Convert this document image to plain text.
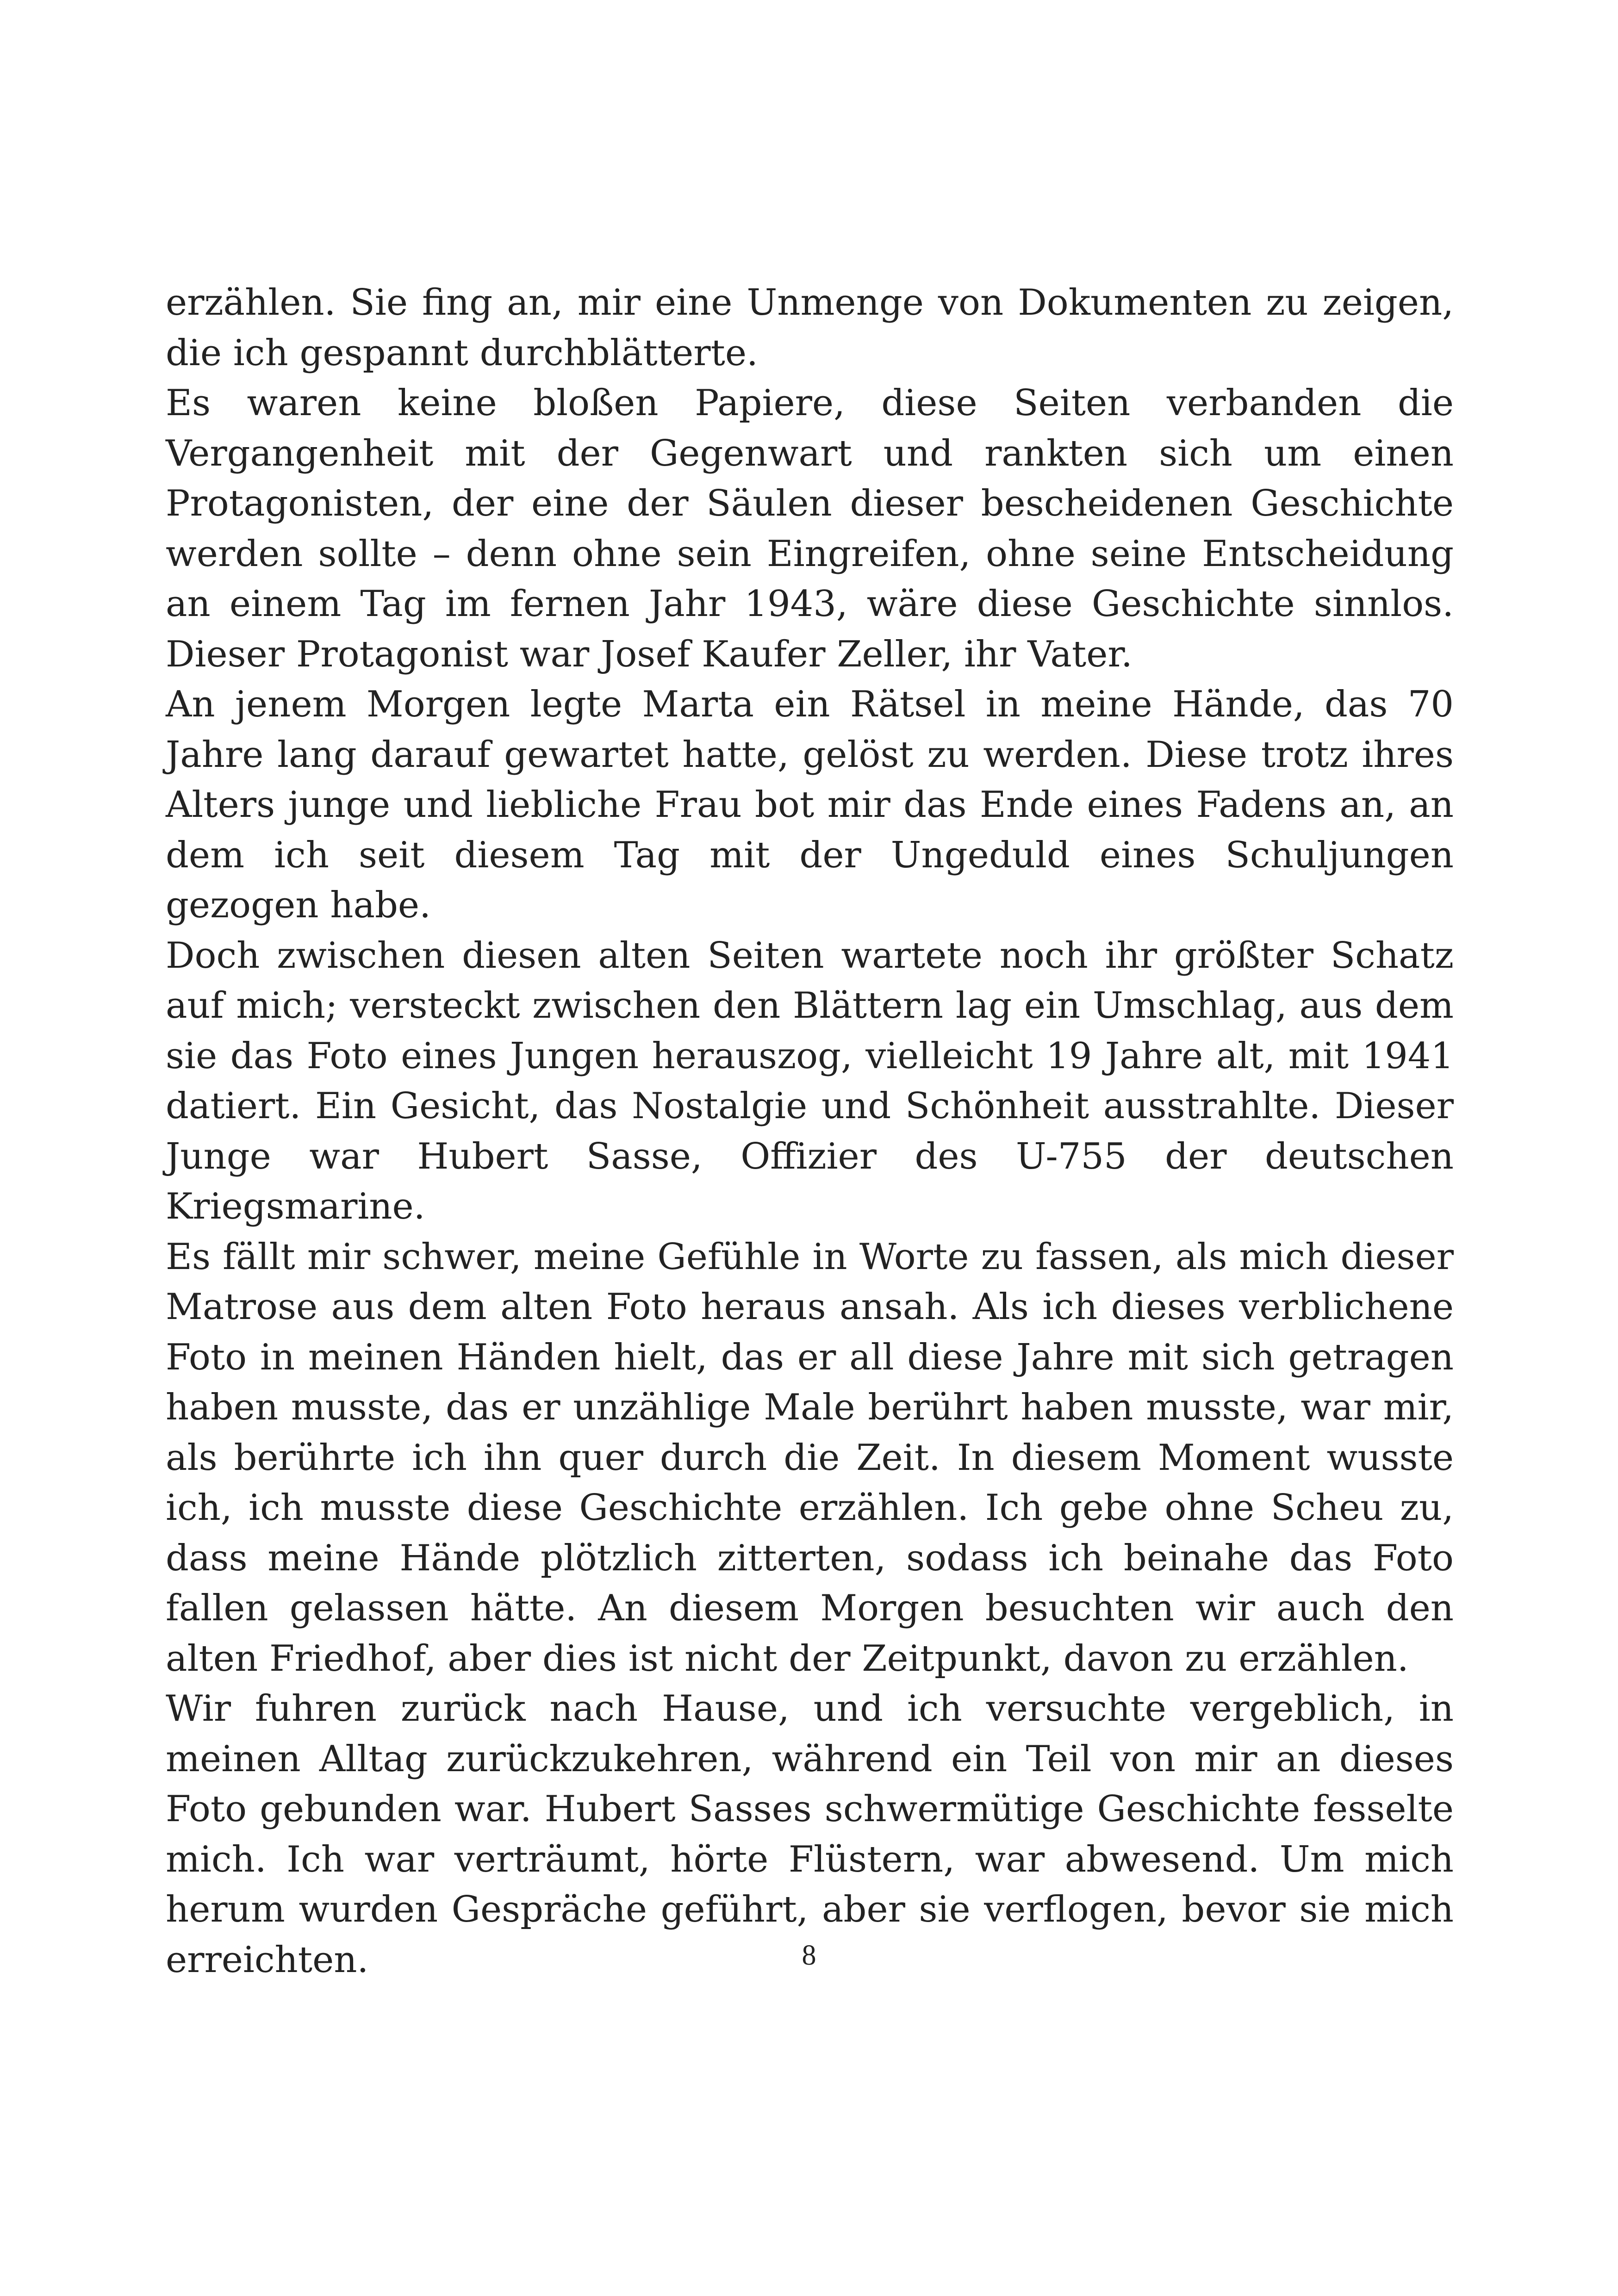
erzählen. Sie fing an, mir eine Unmenge von Dokumenten zu zeigen, die ich gespannt durchblätterte.

Es waren keine bloßen Papiere, diese Seiten verbanden die Vergangenheit mit der Gegenwart und rankten sich um einen Protagonisten, der eine der Säulen dieser bescheidenen Geschichte werden sollte – denn ohne sein Eingreifen, ohne seine Entscheidung an einem Tag im fernen Jahr 1943, wäre diese Geschichte sinnlos. Dieser Protagonist war Josef Kaufer Zeller, ihr Vater.

An jenem Morgen legte Marta ein Rätsel in meine Hände, das 70 Jahre lang darauf gewartet hatte, gelöst zu werden. Diese trotz ihres Alters junge und liebliche Frau bot mir das Ende eines Fadens an, an dem ich seit diesem Tag mit der Ungeduld eines Schuljungen gezogen habe.

Doch zwischen diesen alten Seiten wartete noch ihr größter Schatz auf mich; versteckt zwischen den Blättern lag ein Umschlag, aus dem sie das Foto eines Jungen herauszog, vielleicht 19 Jahre alt, mit 1941 datiert. Ein Gesicht, das Nostalgie und Schönheit ausstrahlte. Dieser Junge war Hubert Sasse, Offizier des U-755 der deutschen Kriegsmarine.

Es fällt mir schwer, meine Gefühle in Worte zu fassen, als mich dieser Matrose aus dem alten Foto heraus ansah. Als ich dieses verblichene Foto in meinen Händen hielt, das er all diese Jahre mit sich getragen haben musste, das er unzählige Male berührt haben musste, war mir, als berührte ich ihn quer durch die Zeit. In diesem Moment wusste ich, ich musste diese Geschichte erzählen. Ich gebe ohne Scheu zu, dass meine Hände plötzlich zitterten, sodass ich beinahe das Foto fallen gelassen hätte. An diesem Morgen besuchten wir auch den alten Friedhof, aber dies ist nicht der Zeitpunkt, davon zu erzählen.

Wir fuhren zurück nach Hause, und ich versuchte vergeblich, in meinen Alltag zurückzukehren, während ein Teil von mir an dieses Foto gebunden war. Hubert Sasses schwermütige Geschichte fesselte mich. Ich war verträumt, hörte Flüstern, war abwesend. Um mich herum wurden Gespräche geführt, aber sie verflogen, bevor sie mich erreichten.	8
